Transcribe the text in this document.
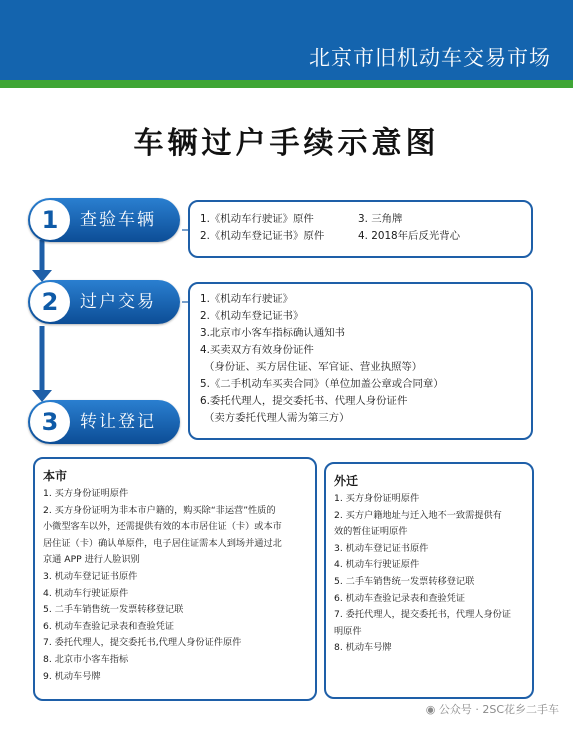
北京市旧机动车交易市场
车辆过户手续示意图
1	查验车辆
2	过户交易
3	转让登记
1.《机动车行驶证》原件
2.《机动车登记证书》原件
3. 三角牌
4. 2018年后反光背心
1.《机动车行驶证》
2.《机动车登记证书》
3.北京市小客车指标确认通知书
4.买卖双方有效身份证件
（身份证、买方居住证、军官证、营业执照等）
5.《二手机动车买卖合同》（单位加盖公章或合同章）
6.委托代理人，提交委托书、代理人身份证件
（卖方委托代理人需为第三方）
本市
1. 买方身份证明原件
2. 买方身份证明为非本市户籍的，购买除“非运营”性质的
小微型客车以外，还需提供有效的本市居住证（卡）或本市
居住证（卡）确认单原件，电子居住证需本人到场并通过北
京通 APP 进行人脸识别
3. 机动车登记证书原件
4. 机动车行驶证原件
5. 二手车销售统一发票转移登记联
6. 机动车查验记录表和查验凭证
7. 委托代理人，提交委托书,代理人身份证件原件
8. 北京市小客车指标
9. 机动车号牌
外迁
1. 买方身份证明原件
2. 买方户籍地址与迁入地不一致需提供有
效的暂住证明原件
3. 机动车登记证书原件
4. 机动车行驶证原件
5. 二手车销售统一发票转移登记联
6. 机动车查验记录表和查验凭证
7. 委托代理人，提交委托书，代理人身份证
明原件
8. 机动车号牌
◉ 公众号 · 2SC花乡二手车
